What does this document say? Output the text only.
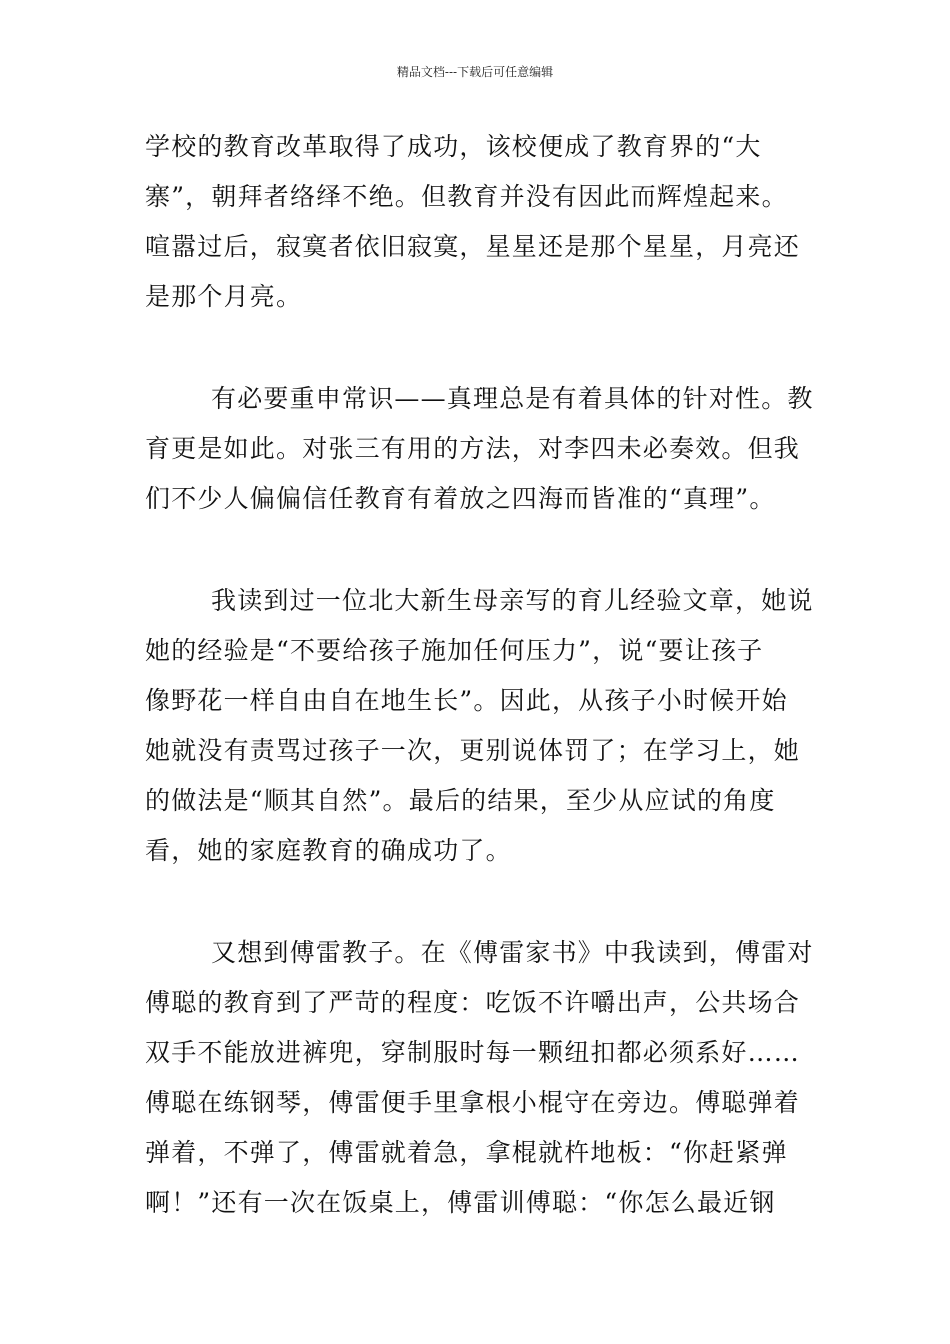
精品文档---下载后可任意编辑
学校的教育改革取得了成功，该校便成了教育界的“大
寨”，朝拜者络绎不绝。但教育并没有因此而辉煌起来。
喧嚣过后，寂寞者依旧寂寞，星星还是那个星星，月亮还
是那个月亮。
有必要重申常识——真理总是有着具体的针对性。教
育更是如此。对张三有用的方法，对李四未必奏效。但我
们不少人偏偏信任教育有着放之四海而皆准的“真理”。
我读到过一位北大新生母亲写的育儿经验文章，她说
她的经验是“不要给孩子施加任何压力”，说“要让孩子
像野花一样自由自在地生长”。因此，从孩子小时候开始
她就没有责骂过孩子一次，更别说体罚了；在学习上，她
的做法是“顺其自然”。最后的结果，至少从应试的角度
看，她的家庭教育的确成功了。
又想到傅雷教子。在《傅雷家书》中我读到，傅雷对
傅聪的教育到了严苛的程度：吃饭不许嚼出声，公共场合
双手不能放进裤兜，穿制服时每一颗纽扣都必须系好……
傅聪在练钢琴，傅雷便手里拿根小棍守在旁边。傅聪弹着
弹着，不弹了，傅雷就着急，拿棍就杵地板：“你赶紧弹
啊！”还有一次在饭桌上，傅雷训傅聪：“你怎么最近钢
